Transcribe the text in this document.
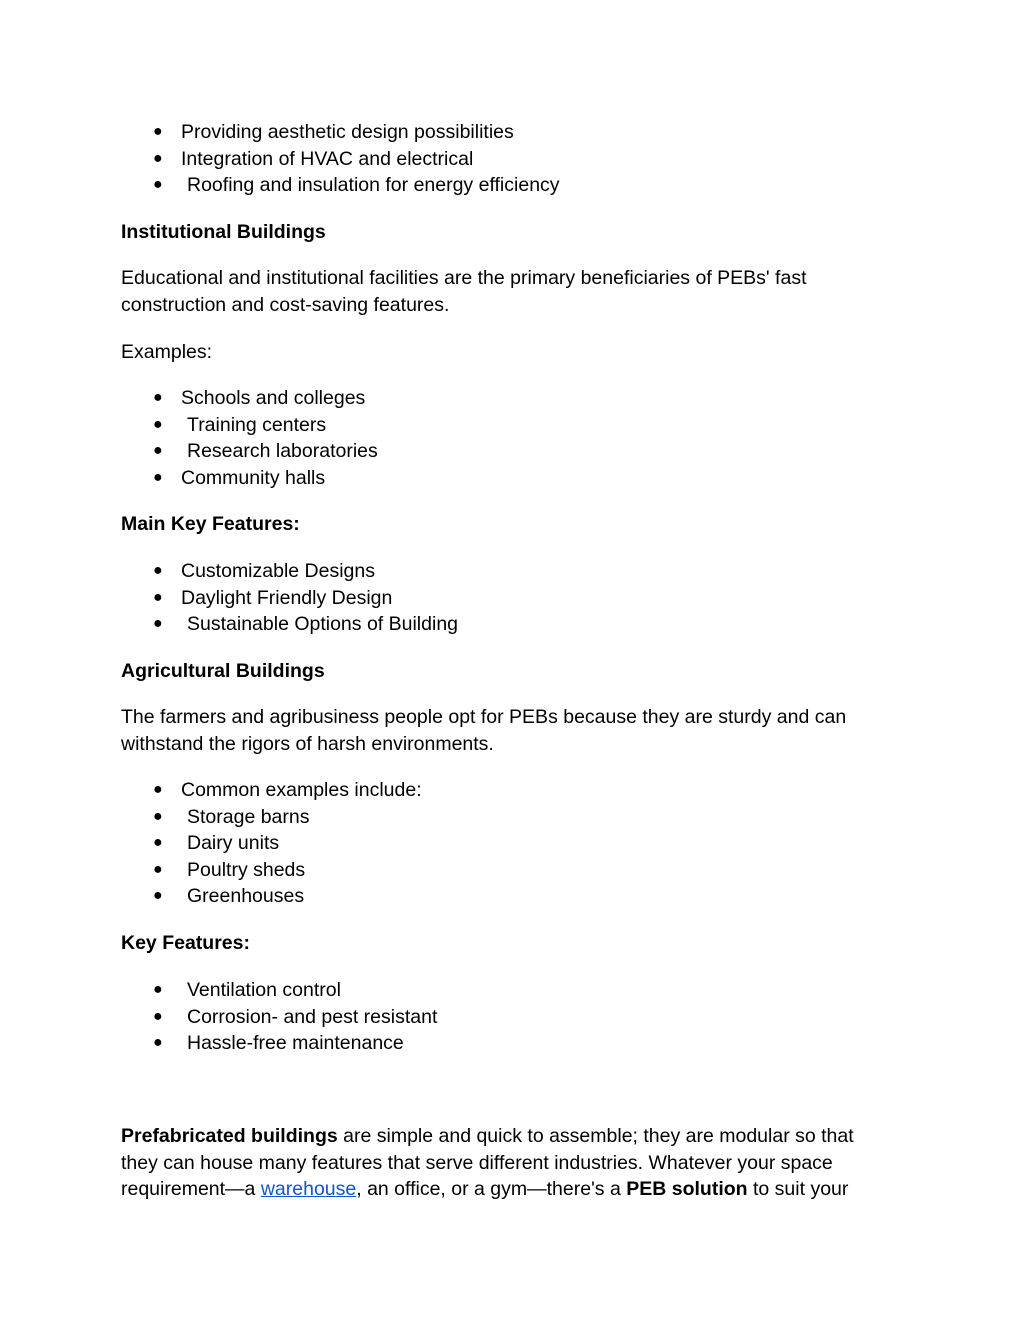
● Providing aesthetic design possibilities
● Integration of HVAC and electrical
● Roofing and insulation for energy efficiency
Institutional Buildings

Educational and institutional facilities are the primary beneficiaries of PEBs' fast construction and cost-saving features.

Examples:
● Schools and colleges
● Training centers
● Research laboratories
● Community halls
Main Key Features:
● Customizable Designs
● Daylight Friendly Design
● Sustainable Options of Building
Agricultural Buildings

The farmers and agribusiness people opt for PEBs because they are sturdy and can withstand the rigors of harsh environments.

● Common examples include:
● Storage barns
● Dairy units
● Poultry sheds
● Greenhouses
Key Features:
● Ventilation control
● Corrosion- and pest resistant
● Hassle-free maintenance

Prefabricated buildings are simple and quick to assemble; they are modular so that they can house many features that serve different industries. Whatever your space requirement—a warehouse, an office, or a gym—there's a PEB solution to suit your
